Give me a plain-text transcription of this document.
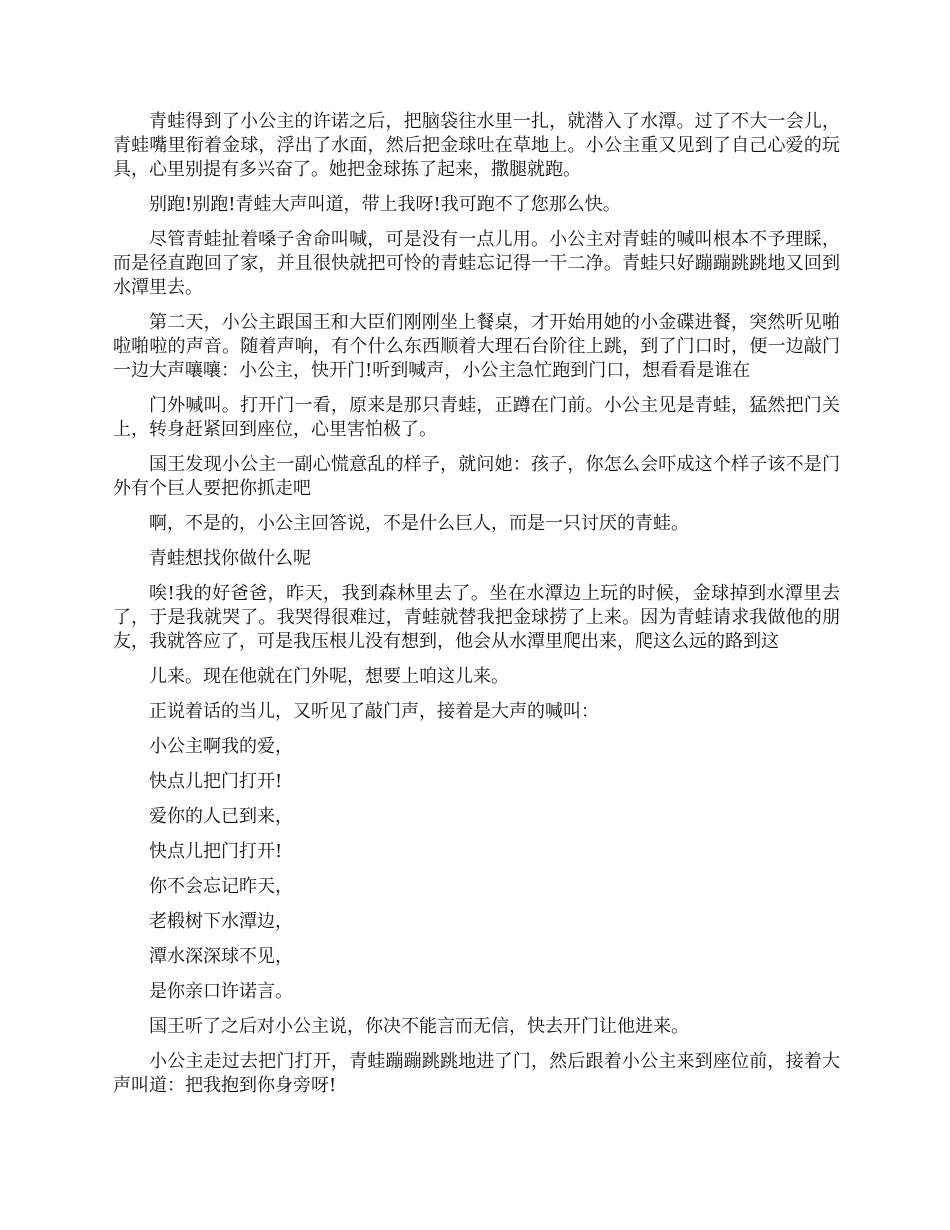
青蛙得到了小公主的许诺之后，把脑袋往水里一扎，就潜入了水潭。过了不大一会儿，青蛙嘴里衔着金球，浮出了水面，然后把金球吐在草地上。小公主重又见到了自己心爱的玩具，心里别提有多兴奋了。她把金球拣了起来，撒腿就跑。

别跑!别跑!青蛙大声叫道，带上我呀!我可跑不了您那么快。

尽管青蛙扯着嗓子舍命叫喊，可是没有一点儿用。小公主对青蛙的喊叫根本不予理睬，而是径直跑回了家，并且很快就把可怜的青蛙忘记得一干二净。青蛙只好蹦蹦跳跳地又回到水潭里去。

第二天，小公主跟国王和大臣们刚刚坐上餐桌，才开始用她的小金碟进餐，突然听见啪啦啪啦的声音。随着声响，有个什么东西顺着大理石台阶往上跳，到了门口时，便一边敲门一边大声嚷嚷：小公主，快开门!听到喊声，小公主急忙跑到门口，想看看是谁在

门外喊叫。打开门一看，原来是那只青蛙，正蹲在门前。小公主见是青蛙，猛然把门关上，转身赶紧回到座位，心里害怕极了。

国王发现小公主一副心慌意乱的样子，就问她：孩子，你怎么会吓成这个样子该不是门外有个巨人要把你抓走吧

啊，不是的，小公主回答说，不是什么巨人，而是一只讨厌的青蛙。

青蛙想找你做什么呢

唉!我的好爸爸，昨天，我到森林里去了。坐在水潭边上玩的时候，金球掉到水潭里去了，于是我就哭了。我哭得很难过，青蛙就替我把金球捞了上来。因为青蛙请求我做他的朋友，我就答应了，可是我压根儿没有想到，他会从水潭里爬出来，爬这么远的路到这

儿来。现在他就在门外呢，想要上咱这儿来。

正说着话的当儿，又听见了敲门声，接着是大声的喊叫：

小公主啊我的爱，

快点儿把门打开!

爱你的人已到来，

快点儿把门打开!

你不会忘记昨天，

老椴树下水潭边，

潭水深深球不见，

是你亲口许诺言。

国王听了之后对小公主说，你决不能言而无信，快去开门让他进来。

小公主走过去把门打开，青蛙蹦蹦跳跳地进了门，然后跟着小公主来到座位前，接着大声叫道：把我抱到你身旁呀!
